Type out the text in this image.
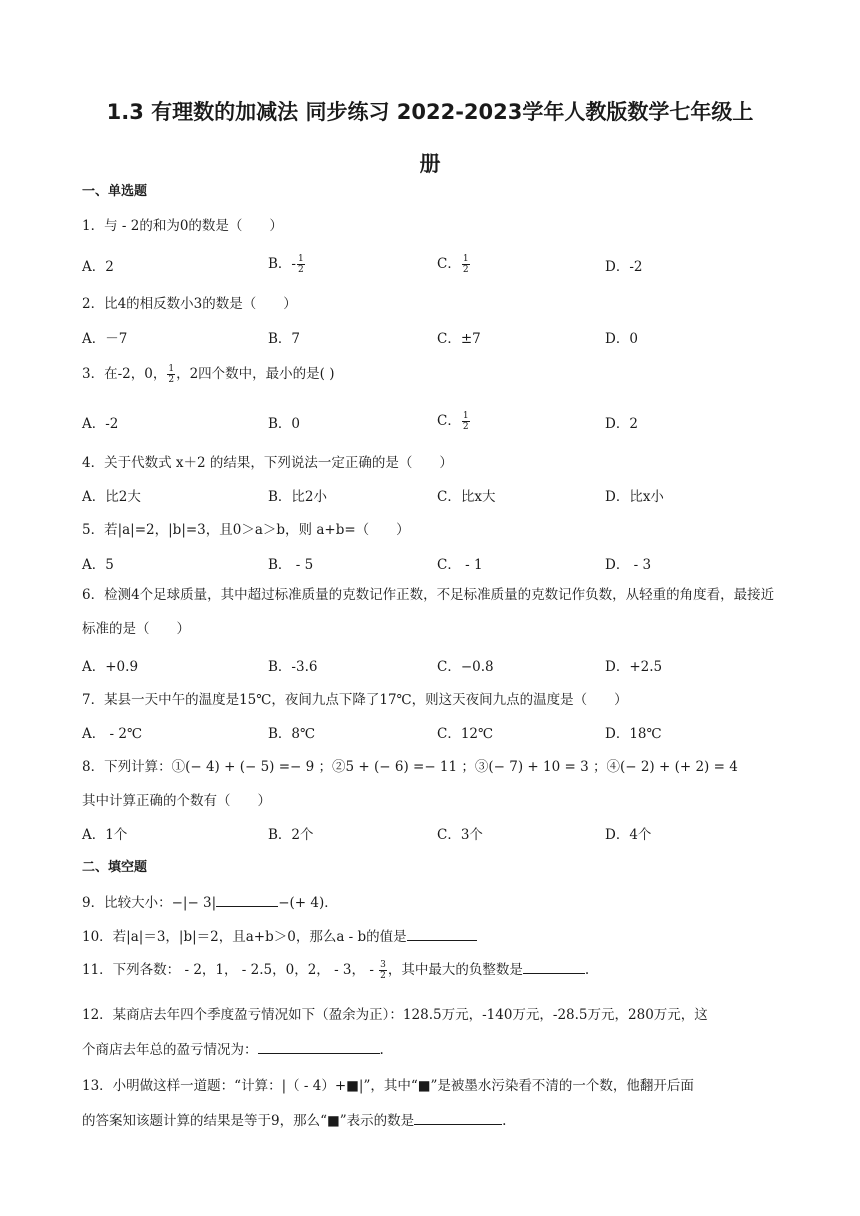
1.3 有理数的加减法 同步练习 2022-2023学年人教版数学七年级上
册
一、单选题
1．与 - 2的和为0的数是（　　）
A．2	B．- $\frac{1}{2}$	C． $\frac{1}{2}$	D．-2
2．比4的相反数小3的数是（　　）
A．－7	B．7	C．±7	D．0
3．在-2，0， $\frac{1}{2}$ ，2四个数中，最小的是( )
A．-2	B．0	C． $\frac{1}{2}$	D．2
4．关于代数式 x＋2 的结果，下列说法一定正确的是（　　）
A．比2大	B．比2小	C．比x大	D．比x小
5．若|a|=2，|b|=3，且0＞a＞b，则 a+b=（　　）
A．5	B． - 5	C． - 1	D． - 3
6．检测4个足球质量，其中超过标准质量的克数记作正数，不足标准质量的克数记作负数，从轻重的角度看，最接近标准的是（　　）
A．+0.9	B．-3.6	C．−0.8	D．+2.5
7．某县一天中午的温度是15℃，夜间九点下降了17℃，则这天夜间九点的温度是（　　）
A． - 2℃	B．8℃	C．12℃	D．18℃
8．下列计算：①(− 4) + (− 5) =− 9 ；②5 + (− 6) =− 11 ；③(− 7) + 10 = 3 ；④(− 2) + (+ 2) = 4
其中计算正确的个数有（　　）
A．1个	B．2个	C．3个	D．4个
二、填空题
9．比较大小：−|− 3|	−(+ 4)．
10．若|a|＝3，|b|＝2，且a+b＞0，那么a - b的值是
11．下列各数： - 2，1， - 2.5，0，2， - 3， - $\frac{3}{2}$ ，其中最大的负整数是	.
12．某商店去年四个季度盈亏情况如下（盈余为正）：128.5万元，-140万元，-28.5万元，280万元，这
个商店去年总的盈亏情况为：	.
13．小明做这样一道题：“计算：|（ - 4）+■|”，其中“■”是被墨水污染看不清的一个数，他翻开后面
的答案知该题计算的结果是等于9，那么“■”表示的数是	.
